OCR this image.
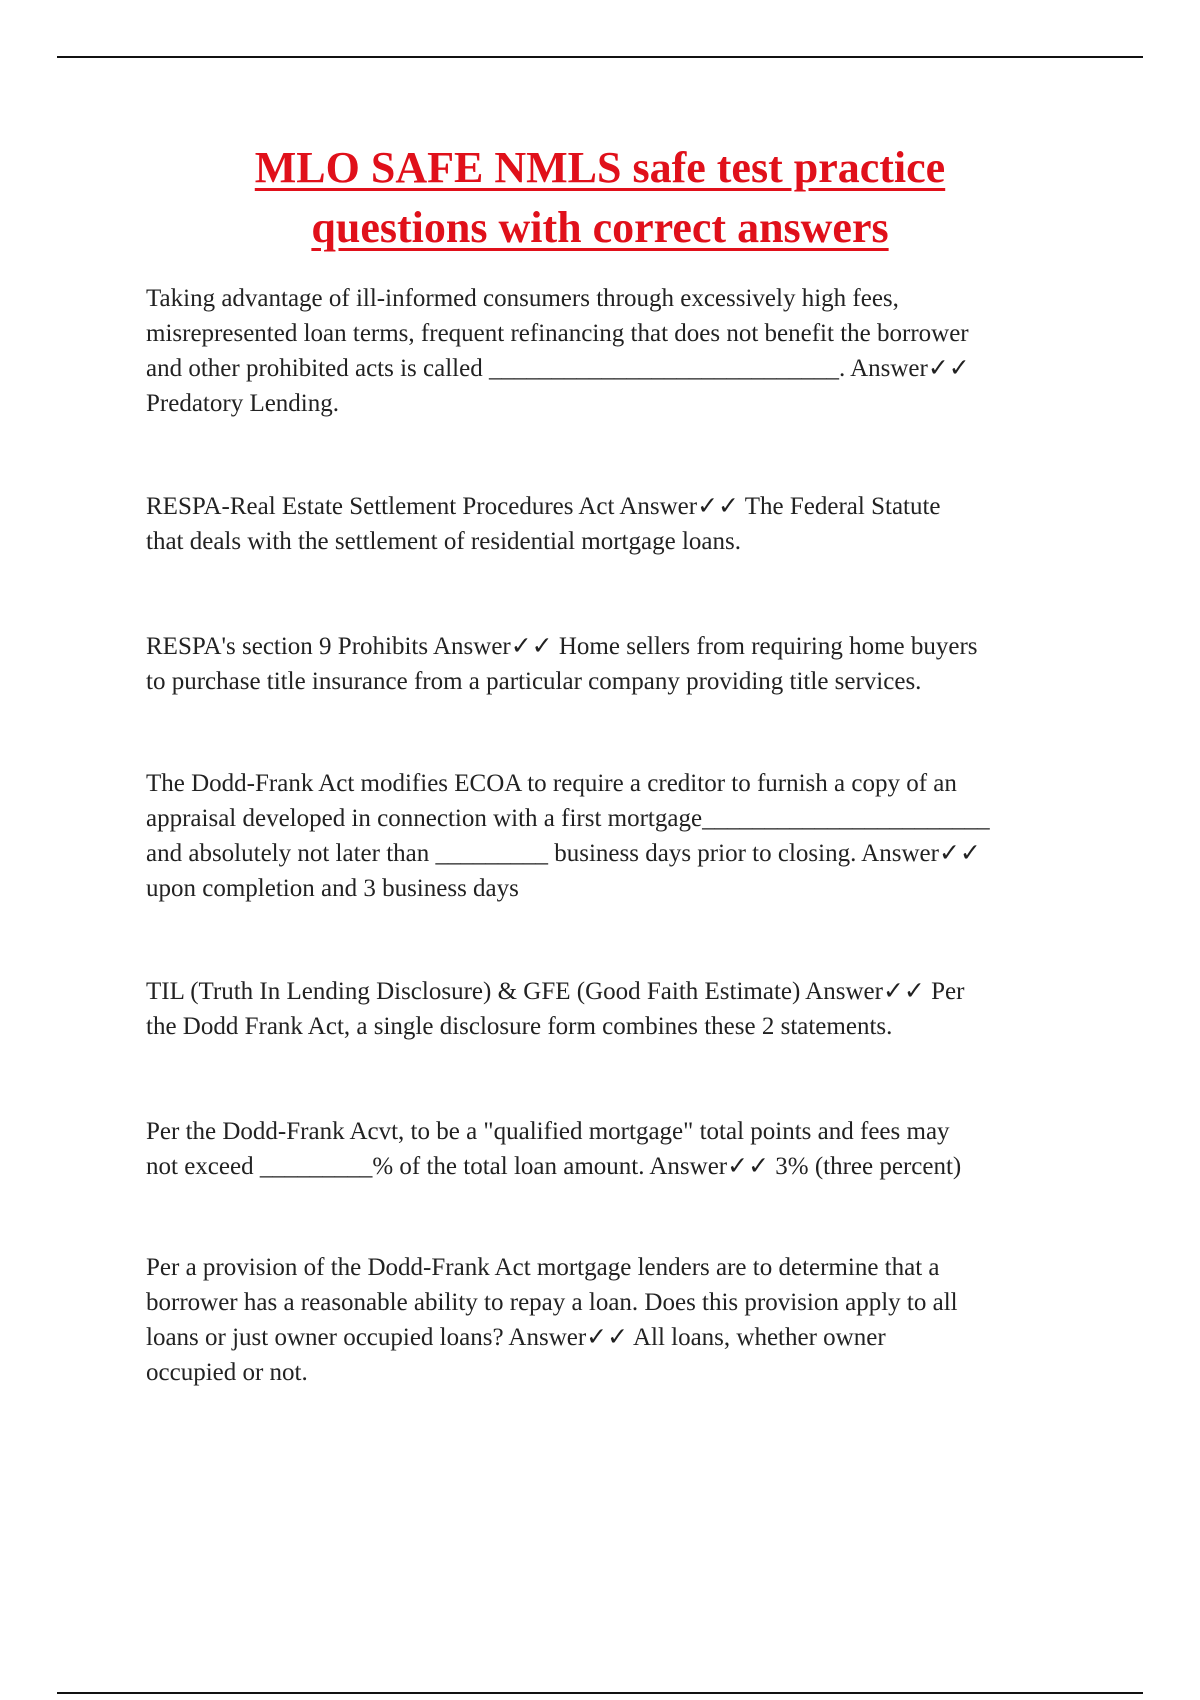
MLO SAFE NMLS safe test practice
questions with correct answers

Taking advantage of ill-informed consumers through excessively high fees,
misrepresented loan terms, frequent refinancing that does not benefit the borrower
and other prohibited acts is called ____________________________. Answer✓✓
Predatory Lending.

RESPA-Real Estate Settlement Procedures Act Answer✓✓ The Federal Statute
that deals with the settlement of residential mortgage loans.

RESPA's section 9 Prohibits Answer✓✓ Home sellers from requiring home buyers
to purchase title insurance from a particular company providing title services.

The Dodd-Frank Act modifies ECOA to require a creditor to furnish a copy of an
appraisal developed in connection with a first mortgage_______________________
and absolutely not later than _________ business days prior to closing. Answer✓✓
upon completion and 3 business days

TIL (Truth In Lending Disclosure) & GFE (Good Faith Estimate) Answer✓✓ Per
the Dodd Frank Act, a single disclosure form combines these 2 statements.

Per the Dodd-Frank Acvt, to be a "qualified mortgage" total points and fees may
not exceed _________% of the total loan amount. Answer✓✓ 3% (three percent)

Per a provision of the Dodd-Frank Act mortgage lenders are to determine that a
borrower has a reasonable ability to repay a loan. Does this provision apply to all
loans or just owner occupied loans? Answer✓✓ All loans, whether owner
occupied or not.
